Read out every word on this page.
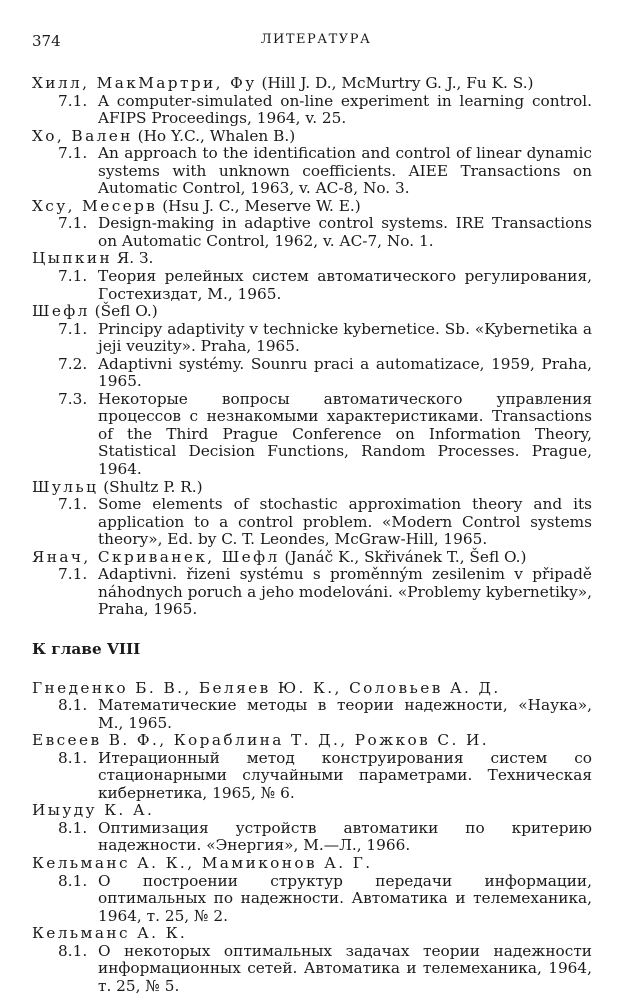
374	ЛИТЕРАТУРА
Хилл, МакМартри, Фу (Hill J. D., McMurtry G. J., Fu K. S.)
7.1. A computer-simulated on-line experiment in learning control. AFIPS Proceedings, 1964, v. 25.
Хо, Вален (Ho Y.C., Whalen B.)
7.1. An approach to the identification and control of linear dynamic systems with unknown coefficients. AIEE Transactions on Automatic Control, 1963, v. AC-8, No. 3.
Хсу, Месерв (Hsu J. C., Meserve W. E.)
7.1. Design-making in adaptive control systems. IRE Transactions on Automatic Control, 1962, v. AC-7, No. 1.
Цыпкин Я. З.
7.1. Теория релейных систем автоматического регулирования, Гостехиздат, М., 1965.
Шефл (Šefl O.)
7.1. Principy adaptivity v technicke kybernetice. Sb. «Kybernetika a jeji veuzity». Praha, 1965.
7.2. Adaptivni systémy. Sounru praci a automatizace, 1959, Praha, 1965.
7.3. Некоторые вопросы автоматического управления процессов с незнакомыми характеристиками. Transactions of the Third Prague Conference on Information Theory, Statistical Decision Functions, Random Processes. Prague, 1964.
Шульц (Shultz P. R.)
7.1. Some elements of stochastic approximation theory and its application to a control problem. «Modern Control systems theory», Ed. by C. T. Leondes, McGraw-Hill, 1965.
Янач, Скриванек, Шефл (Janáč K., Skřivánek T., Šefl O.)
7.1. Adaptivni. řizeni systému s proměnným zesilenim v připadě náhodnych poruch a jeho modelováni. «Problemy kybernetiky», Praha, 1965.
К главе VIII
Гнеденко Б. В., Беляев Ю. К., Соловьев А. Д.
8.1. Математические методы в теории надежности, «Наука», М., 1965.
Евсеев В. Ф., Кораблина Т. Д., Рожков С. И.
8.1. Итерационный метод конструирования систем со стационарными случайными параметрами. Техническая кибернетика, 1965, № 6.
Иыуду К. А.
8.1. Оптимизация устройств автоматики по критерию надежности. «Энергия», М.—Л., 1966.
Кельманс А. К., Мамиконов А. Г.
8.1. О построении структур передачи информации, оптимальных по надежности. Автоматика и телемеханика, 1964, т. 25, № 2.
Кельманс А. К.
8.1. О некоторых оптимальных задачах теории надежности информационных сетей. Автоматика и телемеханика, 1964, т. 25, № 5.
